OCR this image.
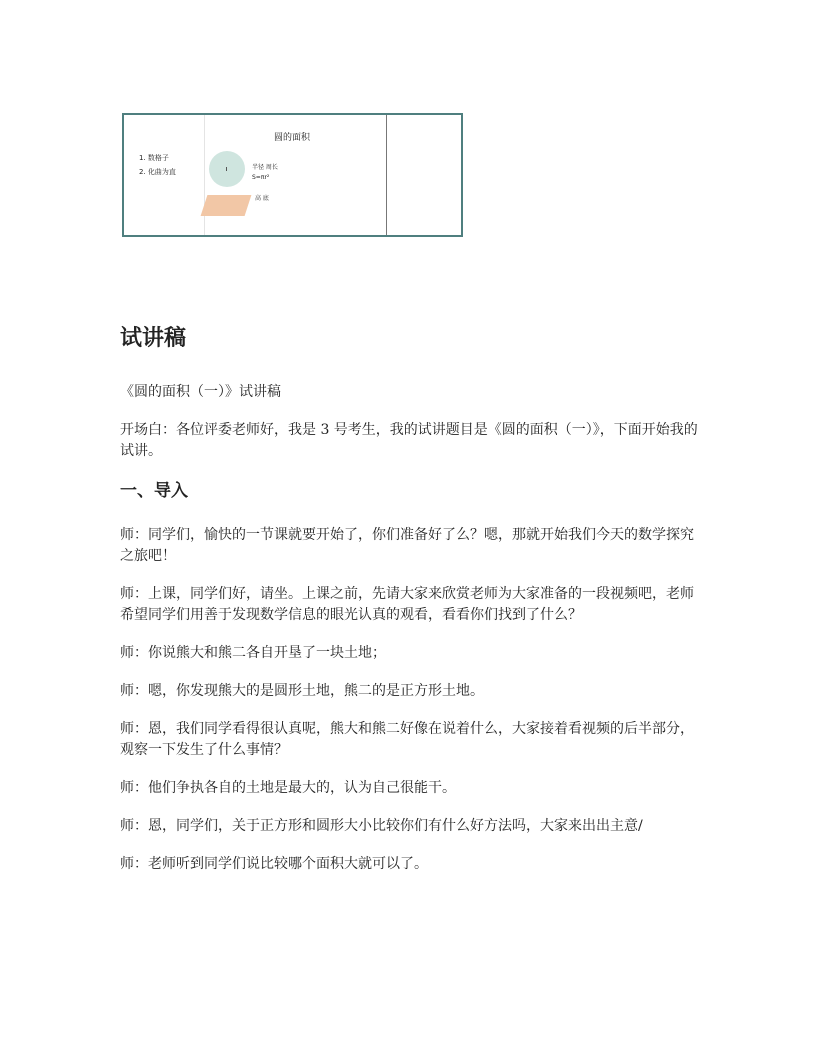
圆的面积
1. 数格子
2. 化曲为直
半径 周长
S=πr²
高 底
试讲稿

《圆的面积（一）》试讲稿

开场白：各位评委老师好，我是 3 号考生，我的试讲题目是《圆的面积（一）》，下面开始我的试讲。

一、导入

师：同学们，愉快的一节课就要开始了，你们准备好了么？嗯，那就开始我们今天的数学探究之旅吧！

师：上课，同学们好，请坐。上课之前，先请大家来欣赏老师为大家准备的一段视频吧，老师希望同学们用善于发现数学信息的眼光认真的观看，看看你们找到了什么？

师：你说熊大和熊二各自开垦了一块土地；

师：嗯，你发现熊大的是圆形土地，熊二的是正方形土地。

师：恩，我们同学看得很认真呢，熊大和熊二好像在说着什么，大家接着看视频的后半部分，观察一下发生了什么事情？

师：他们争执各自的土地是最大的，认为自己很能干。

师：恩，同学们，关于正方形和圆形大小比较你们有什么好方法吗，大家来出出主意/

师：老师听到同学们说比较哪个面积大就可以了。
